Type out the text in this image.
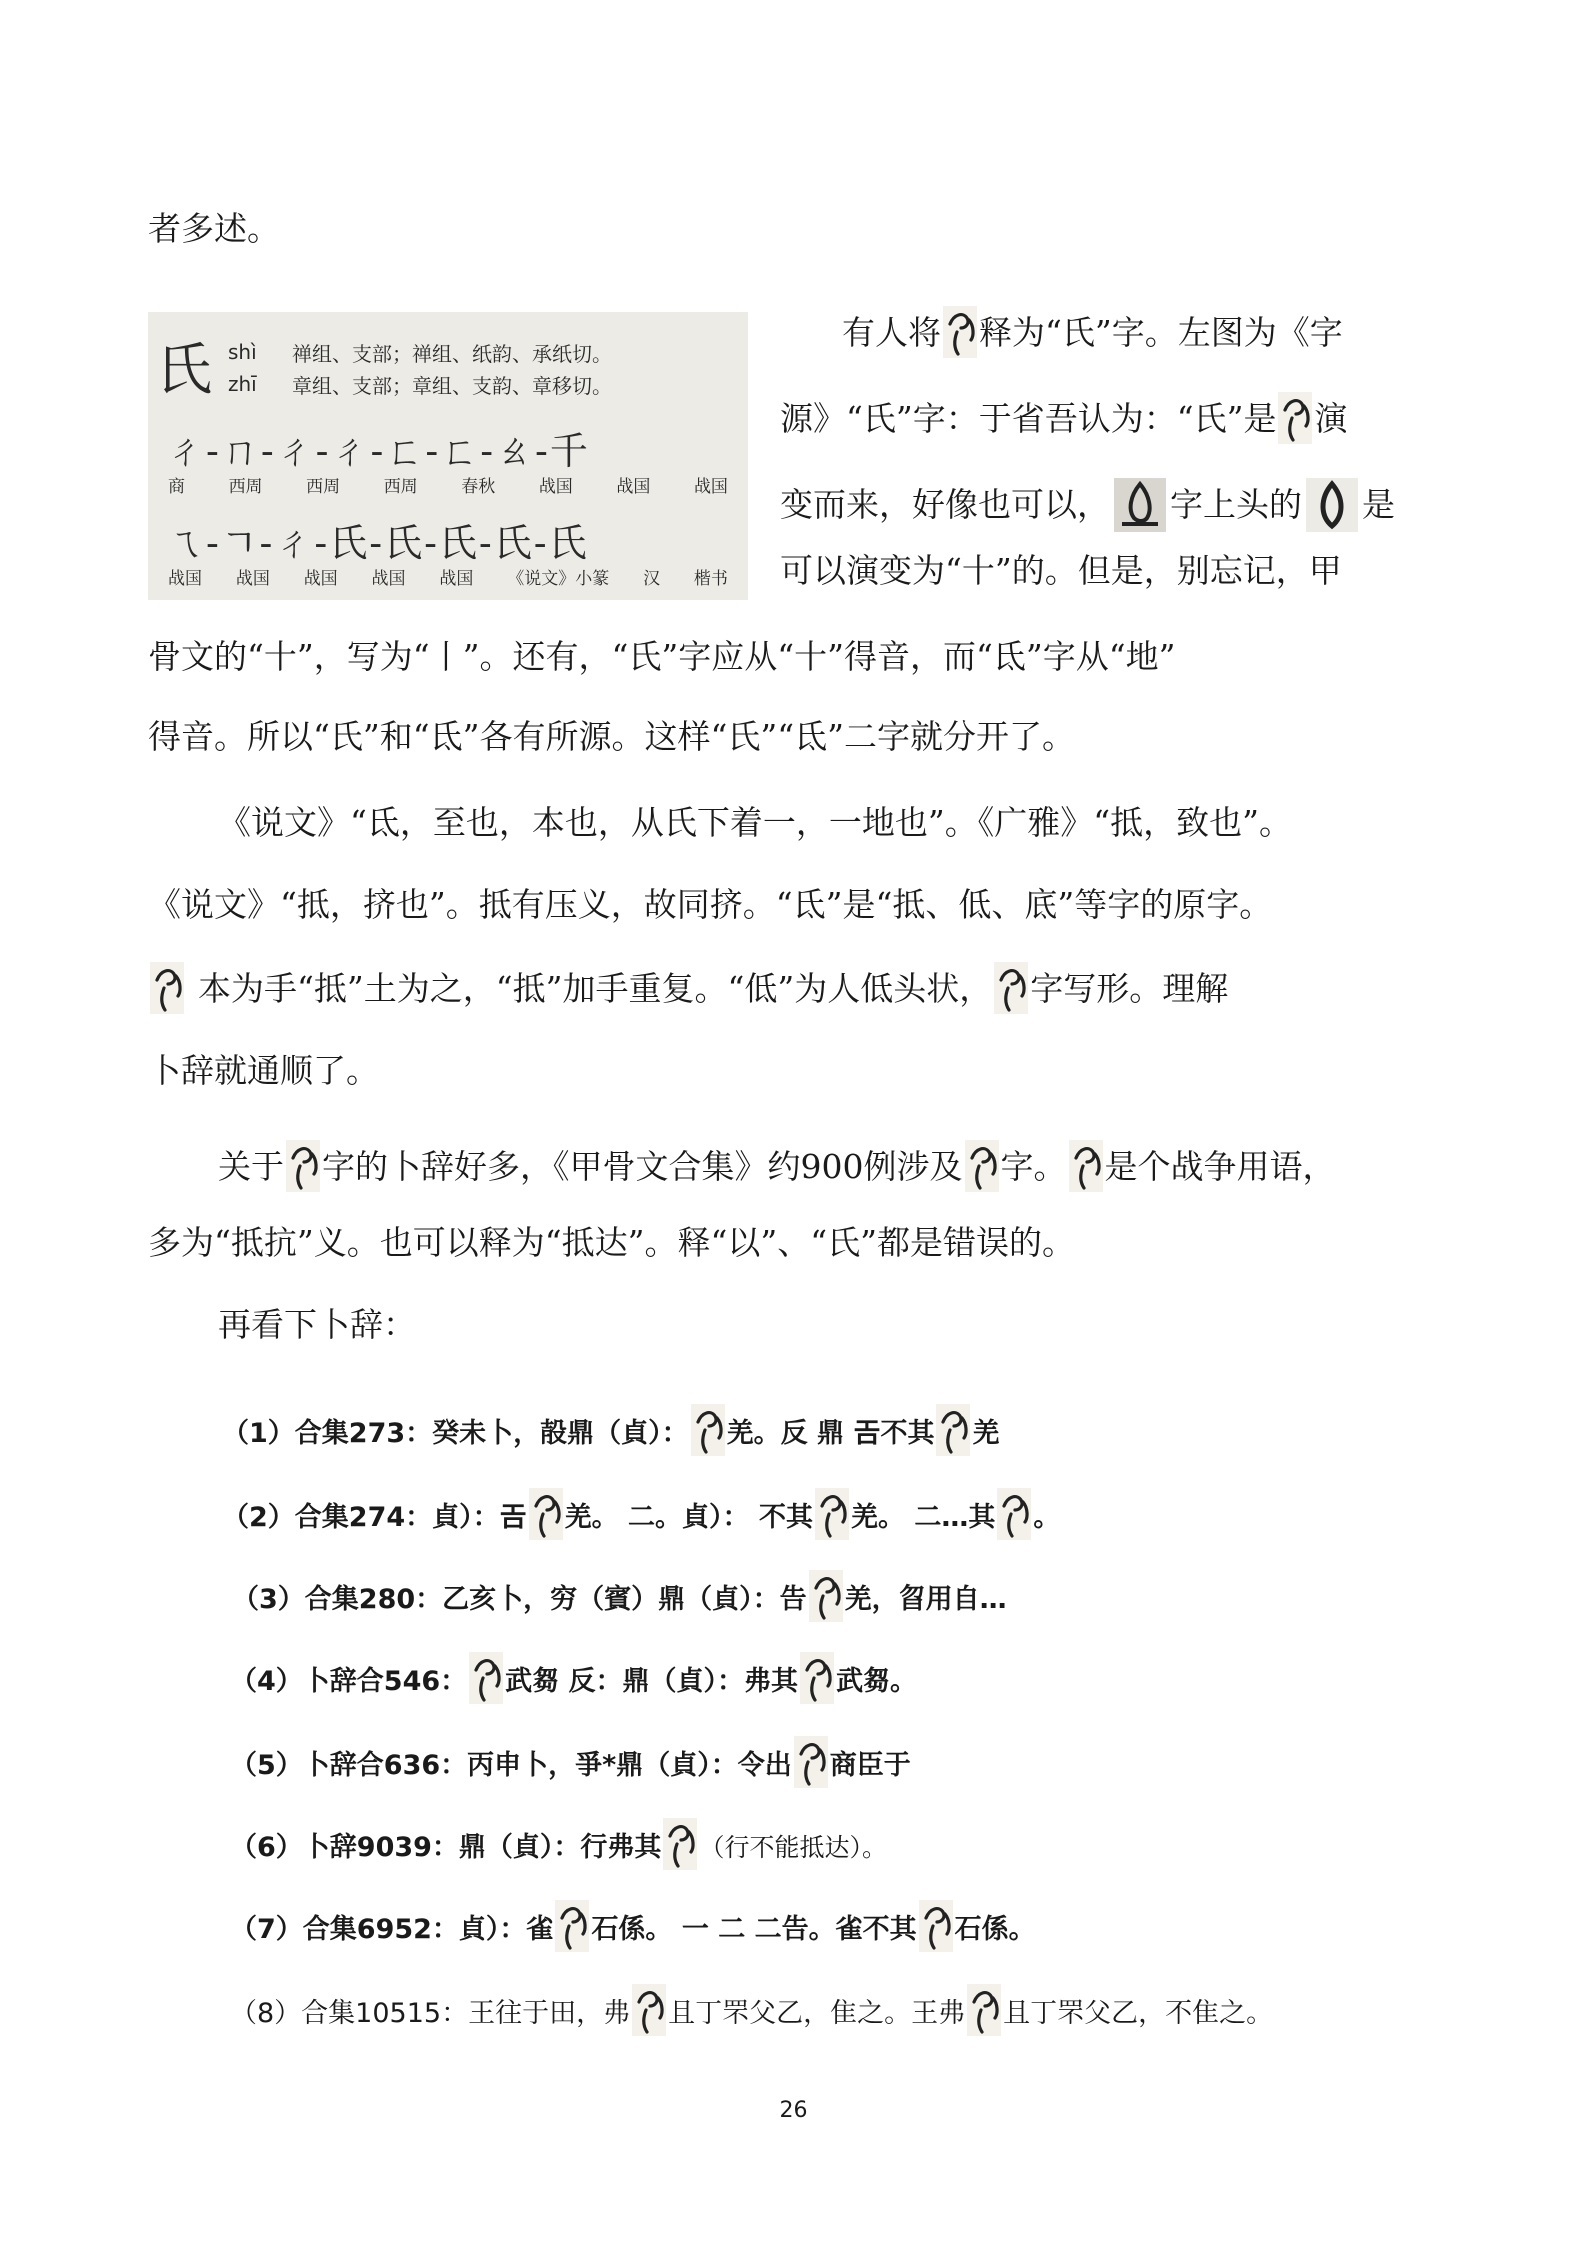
者多述。
氏 shì 禅组、支部；禅组、纸韵、承纸切。
zhī 章组、支部；章组、支韵、章移切。
ㄔ-ㄇ-ㄔ-ㄔ-ㄈ-ㄈ-ㄠ-千
商	西周	西周	西周	春秋	战国	战国	战国
ㄟ-ㄱ-ㄔ-氏-氏-氏-氏-氏
战国 战国 战国 战国 战国 《说文》小篆 汉 楷书
有人将 释为“氏”字。左图为《字
源》“氏”字：于省吾认为：“氏”是 演
变而来，好像也可以， 字上头的 是
可以演变为“十”的。但是，别忘记，甲
骨文的“十”，写为“丨”。还有，“氏”字应从“十”得音，而“氐”字从“地”
得音。所以“氏”和“氐”各有所源。这样“氏”“氐”二字就分开了。
《说文》“氐，至也，本也，从氏下着一，一地也”。《广雅》“抵，致也”。
《说文》“抵，挤也”。抵有压义，故同挤。“氐”是“抵、低、底”等字的原字。
本为手“抵”土为之，“抵”加手重复。“低”为人低头状， 字写形。理解
卜辞就通顺了。
关于 字的卜辞好多，《甲骨文合集》约900例涉及 字。 是个战争用语，
多为“抵抗”义。也可以释为“抵达”。释“以”、“氏”都是错误的。
再看下卜辞：
（1）合集273：癸未卜，㱿鼎（貞）： 羌。反 鼎 𢀛不其 羌
（2）合集274：貞）：𢀛 羌。 二。貞）： 不其 羌。 二…其 。
（3）合集280：乙亥卜，穷（賓）鼎（貞）：告 羌，㫚用自…
（4）卜辞合546： 武芻 反：鼎（貞）：弗其 武芻。
（5）卜辞合636：丙申卜，爭*鼎（貞）：令出 商臣于
（6）卜辞9039：鼎（貞）：行弗其 （行不能抵达）。
（7）合集6952：貞）：雀 石係。 一 二 二告。雀不其 石係。
（8）合集10515：王往于田，弗 且丁罘父乙，隹之。王弗 且丁罘父乙，不隹之。
26
